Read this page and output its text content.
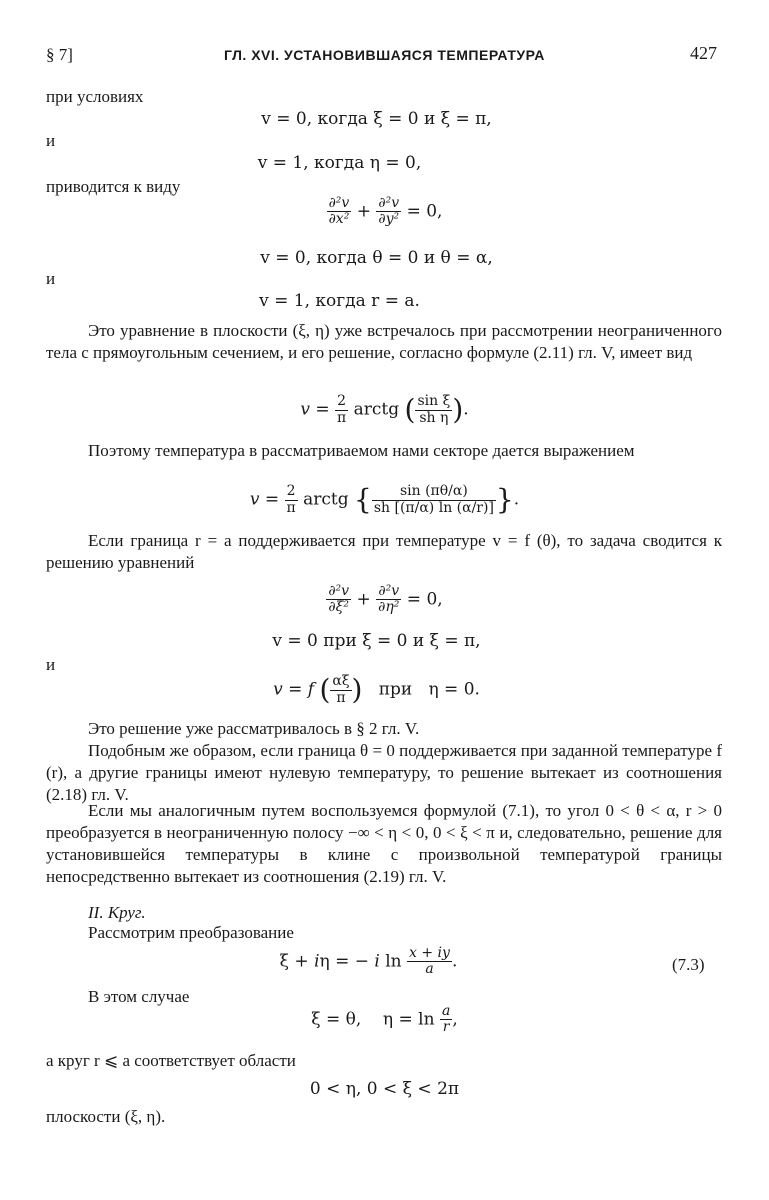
§ 7]	ГЛ. XVI. УСТАНОВИВШАЯСЯ ТЕМПЕРАТУРА	427
при условиях
v = 0, когда ξ = 0 и ξ = π,
и
v = 1, когда η = 0,
приводится к виду
$\frac{\text{∂²v}}{\text{∂x²}} + \frac{\text{∂²v}}{\text{∂y²}} = 0$,
v = 0, когда θ = 0 и θ = α,
и
v = 1, когда r = a.
Это уравнение в плоскости (ξ, η) уже встречалось при рассмотрении неограниченного тела с прямоугольным сечением, и его решение, согласно формуле (2.11) гл. V, имеет вид
$v = \frac{2}{\pi}$ arctg ( $\frac{\text{sin ξ}}{\text{sh η}}$ ).
Поэтому температура в рассматриваемом нами секторе дается выражением
$v = \frac{2}{\pi}$ arctg { $\frac{\sin (\pi\theta/\alpha)}{sh [(\pi/\alpha) \ln (\alpha/r)]}$ }.
Если граница r = a поддерживается при температуре v = f (θ), то задача сводится к решению уравнений
$\frac{\text{∂²v}}{\text{∂ξ²}} + \frac{\text{∂²v}}{\text{∂η²}} = 0$,
v = 0 при ξ = 0 и ξ = π,
и
v = f ( $\frac{\alpha\xi}{\pi}$ )   при   η = 0.
Это решение уже рассматривалось в § 2 гл. V.
Подобным же образом, если граница θ = 0 поддерживается при заданной температуре f (r), а другие границы имеют нулевую температуру, то решение вытекает из соотношения (2.18) гл. V.
Если мы аналогичным путем воспользуемся формулой (7.1), то угол 0 < θ < α, r > 0 преобразуется в неограниченную полосу −∞ < η < 0, 0 < ξ < π и, следовательно, решение для установившейся температуры в клине с произвольной температурой границы непосредственно вытекает из соотношения (2.19) гл. V.
II. Круг.
Рассмотрим преобразование
ξ + iη = − i $\ln \frac{x + iy}{a}$ .	(7.3)
В этом случае
ξ = θ,    $\eta = \ln \frac{a}{r}$ ,
а круг r ⩽ a соответствует области
0 < η, 0 < ξ < 2π
плоскости (ξ, η).
